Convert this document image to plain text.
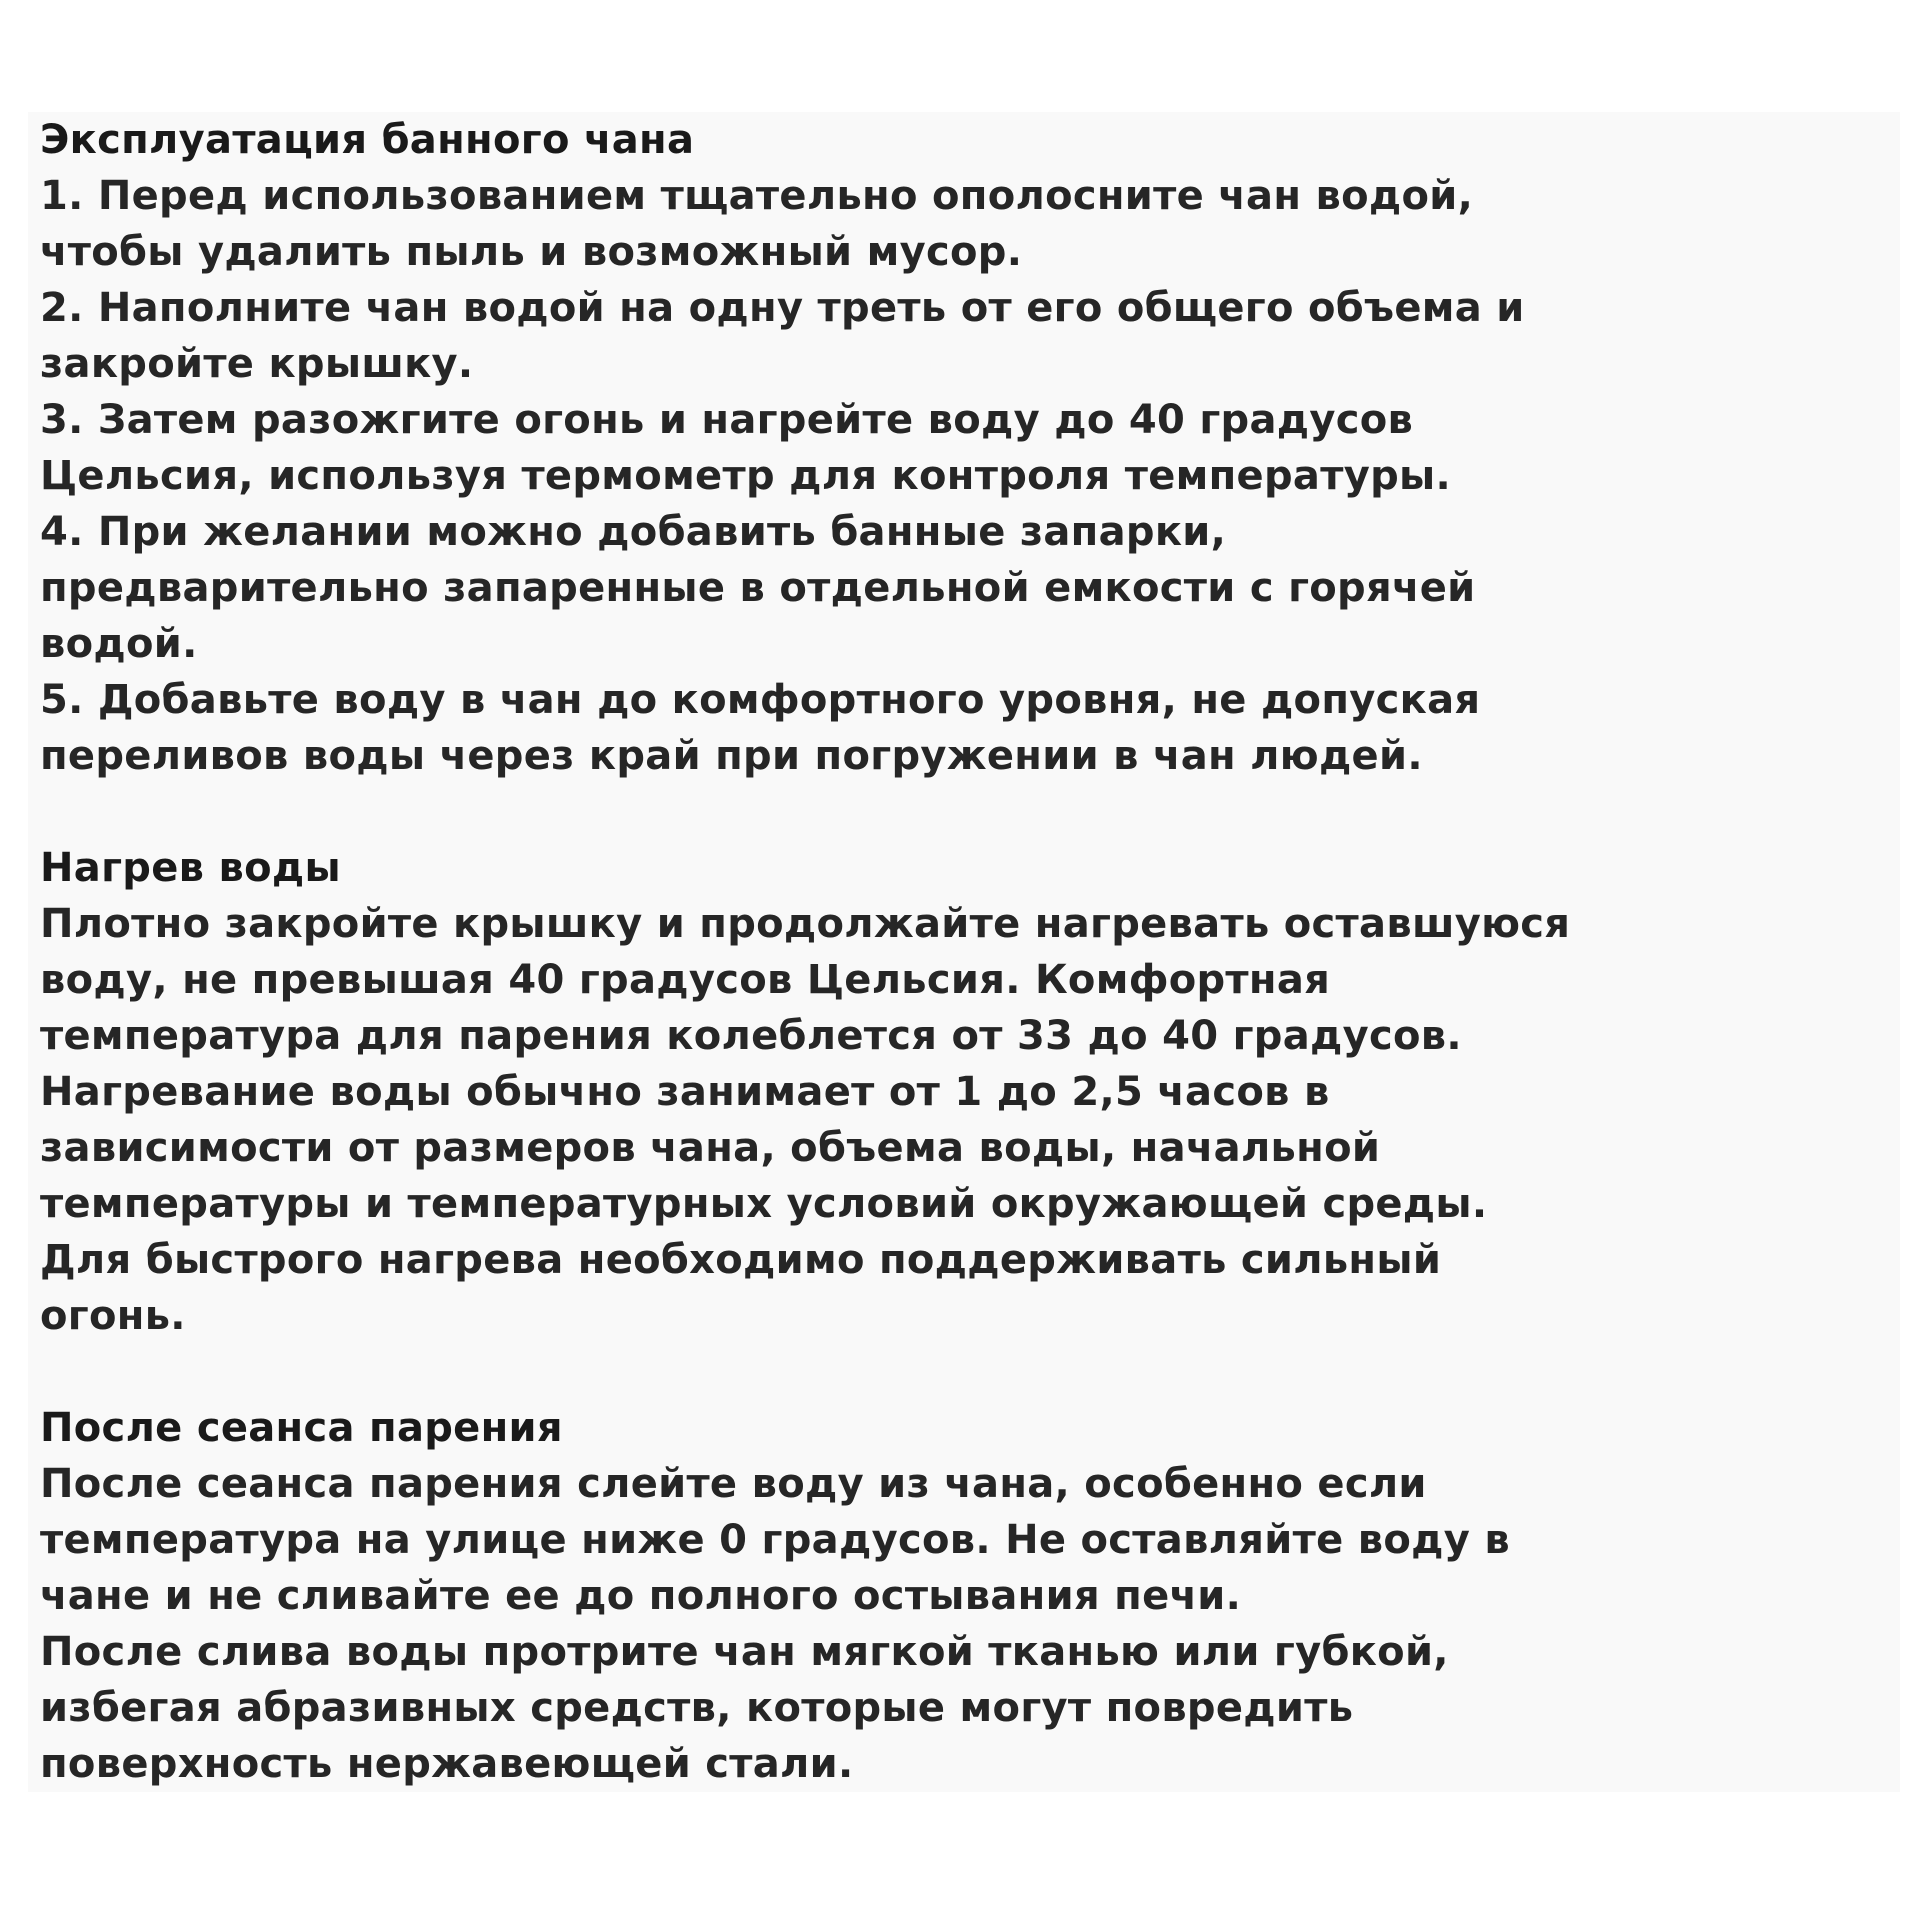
Эксплуатация банного чана

1. Перед использованием тщательно ополосните чан водой,
чтобы удалить пыль и возможный мусор.
2. Наполните чан водой на одну треть от его общего объема и
закройте крышку.
3. Затем разожгите огонь и нагрейте воду до 40 градусов
Цельсия, используя термометр для контроля температуры.
4. При желании можно добавить банные запарки,
предварительно запаренные в отдельной емкости с горячей
водой.
5. Добавьте воду в чан до комфортного уровня, не допуская
переливов воды через край при погружении в чан людей.

Нагрев воды

Плотно закройте крышку и продолжайте нагревать оставшуюся
воду, не превышая 40 градусов Цельсия. Комфортная
температура для парения колеблется от 33 до 40 градусов.
Нагревание воды обычно занимает от 1 до 2,5 часов в
зависимости от размеров чана, объема воды, начальной
температуры и температурных условий окружающей среды.
Для быстрого нагрева необходимо поддерживать сильный
огонь.

После сеанса парения

После сеанса парения слейте воду из чана, особенно если
температура на улице ниже 0 градусов. Не оставляйте воду в
чане и не сливайте ее до полного остывания печи.
После слива воды протрите чан мягкой тканью или губкой,
избегая абразивных средств, которые могут повредить
поверхность нержавеющей стали.
